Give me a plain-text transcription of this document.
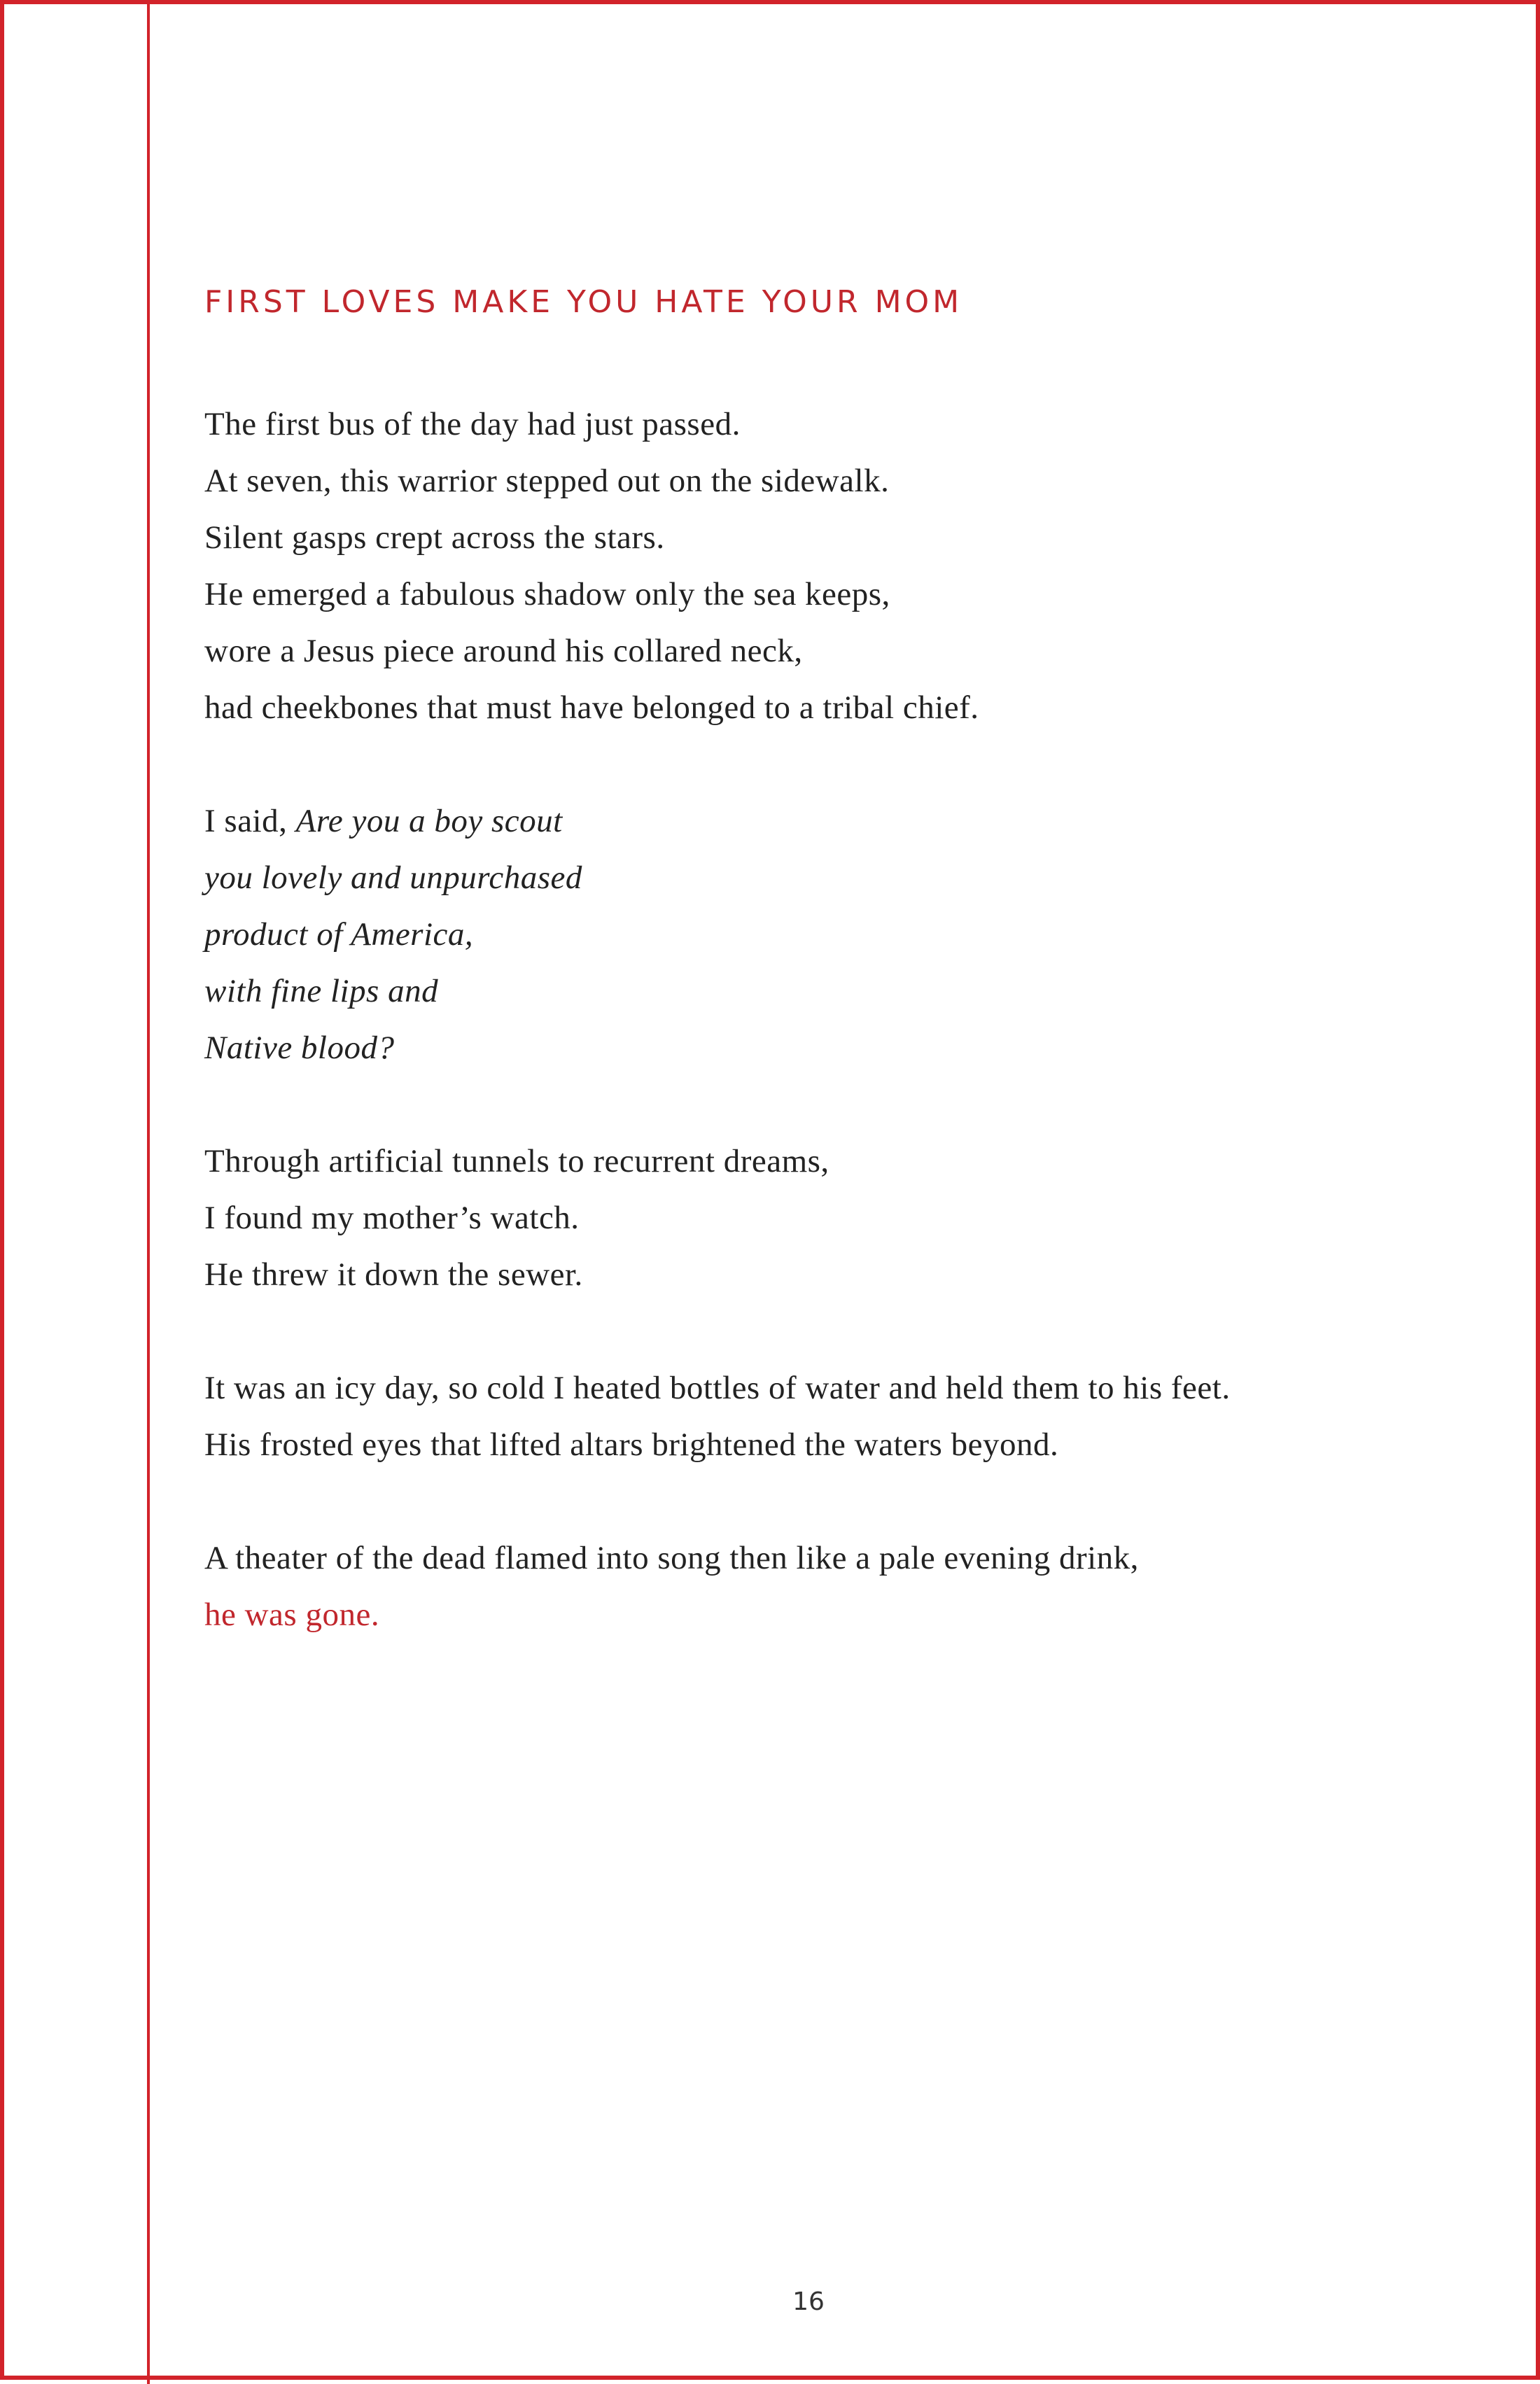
FIRST LOVES MAKE YOU HATE YOUR MOM
The first bus of the day had just passed.
At seven, this warrior stepped out on the sidewalk.
Silent gasps crept across the stars.
He emerged a fabulous shadow only the sea keeps,
wore a Jesus piece around his collared neck,
had cheekbones that must have belonged to a tribal chief.
I said, Are you a boy scout
you lovely and unpurchased
product of America,
with fine lips and
Native blood?
Through artificial tunnels to recurrent dreams,
I found my mother’s watch.
He threw it down the sewer.
It was an icy day, so cold I heated bottles of water and held them to his feet.
His frosted eyes that lifted altars brightened the waters beyond.
A theater of the dead flamed into song then like a pale evening drink,
he was gone.
16
